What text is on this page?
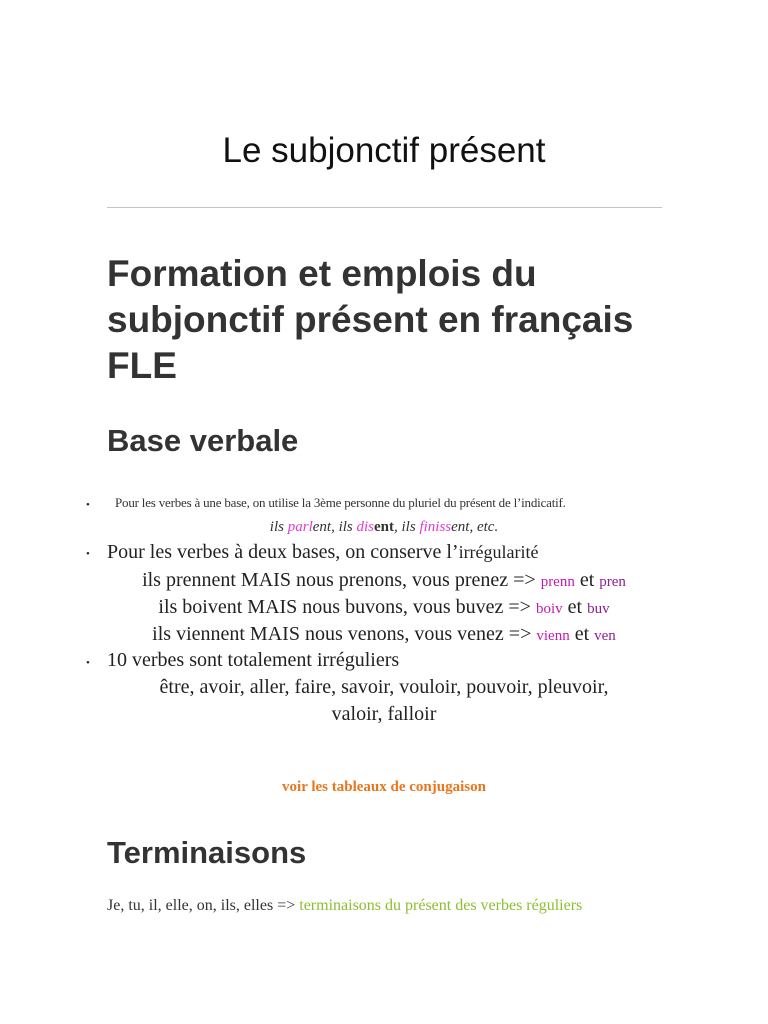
Le subjonctif présent
Formation et emplois du subjonctif présent en français FLE
Base verbale
• Pour les verbes à une base, on utilise la 3ème personne du pluriel du présent de l’indicatif.
ils parlent, ils disent, ils finissent, etc.
• Pour les verbes à deux bases, on conserve l’irrégularité
ils prennent MAIS nous prenons, vous prenez => prenn et pren
ils boivent MAIS nous buvons, vous buvez => boiv et buv
ils viennent MAIS nous venons, vous venez => vienn et ven
• 10 verbes sont totalement irréguliers
être, avoir, aller, faire, savoir, vouloir, pouvoir, pleuvoir,
valoir, falloir
voir les tableaux de conjugaison
Terminaisons
Je, tu, il, elle, on, ils, elles => terminaisons du présent des verbes réguliers
